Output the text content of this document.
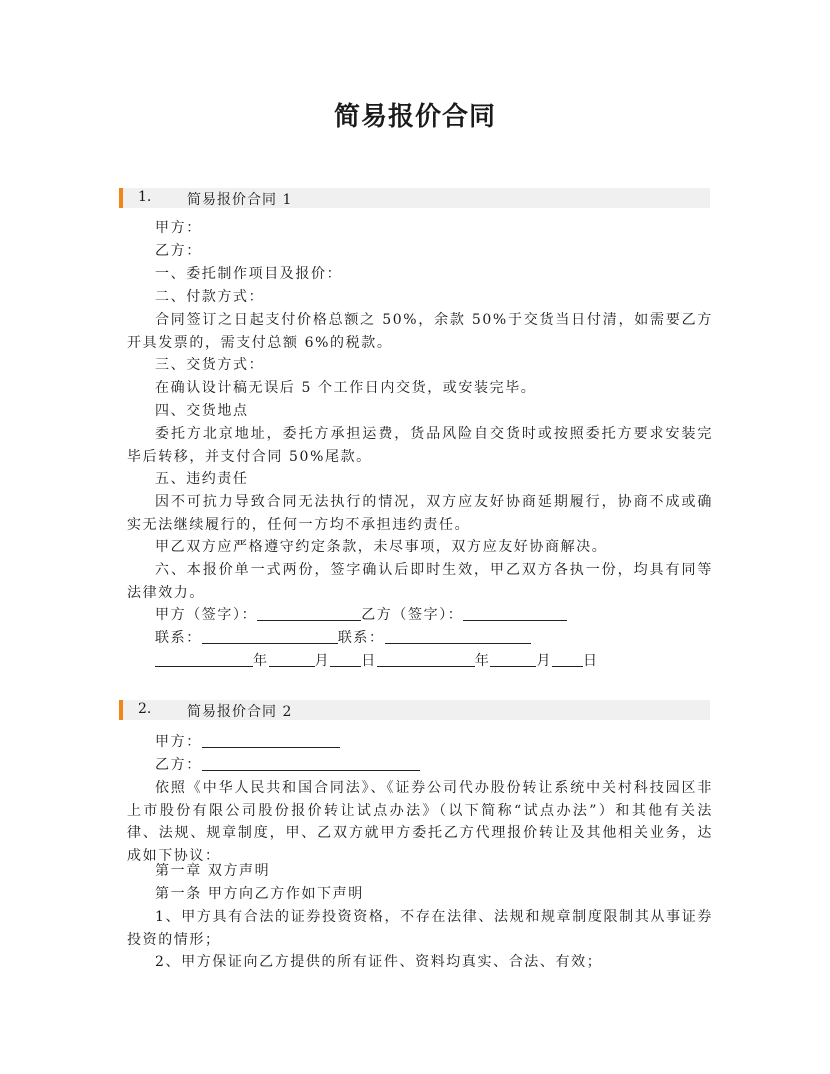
简易报价合同
1.	简易报价合同 1

甲方：

乙方：

一、委托制作项目及报价：

二、付款方式：

合同签订之日起支付价格总额之 50%，余款 50%于交货当日付清，如需要乙方开具发票的，需支付总额 6%的税款。

三、交货方式：

在确认设计稿无误后 5 个工作日内交货，或安装完毕。

四、交货地点

委托方北京地址，委托方承担运费，货品风险自交货时或按照委托方要求安装完毕后转移，并支付合同 50%尾款。

五、违约责任

因不可抗力导致合同无法执行的情况，双方应友好协商延期履行，协商不成或确实无法继续履行的，任何一方均不承担违约责任。

甲乙双方应严格遵守约定条款，未尽事项，双方应友好协商解决。

六、本报价单一式两份，签字确认后即时生效，甲乙双方各执一份，均具有同等法律效力。

甲方（签字）：	乙方（签字）：
联系：	联系：
年	月 日	年	月 日
2.	简易报价合同 2
甲方：
乙方：

依照《中华人民共和国合同法》、《证券公司代办股份转让系统中关村科技园区非上市股份有限公司股份报价转让试点办法》（以下简称“试点办法”）和其他有关法律、法规、规章制度，甲、乙双方就甲方委托乙方代理报价转让及其他相关业务，达成如下协议：

第一章 双方声明

第一条 甲方向乙方作如下声明

1、甲方具有合法的证券投资资格，不存在法律、法规和规章制度限制其从事证券投资的情形；

2、甲方保证向乙方提供的所有证件、资料均真实、合法、有效；
